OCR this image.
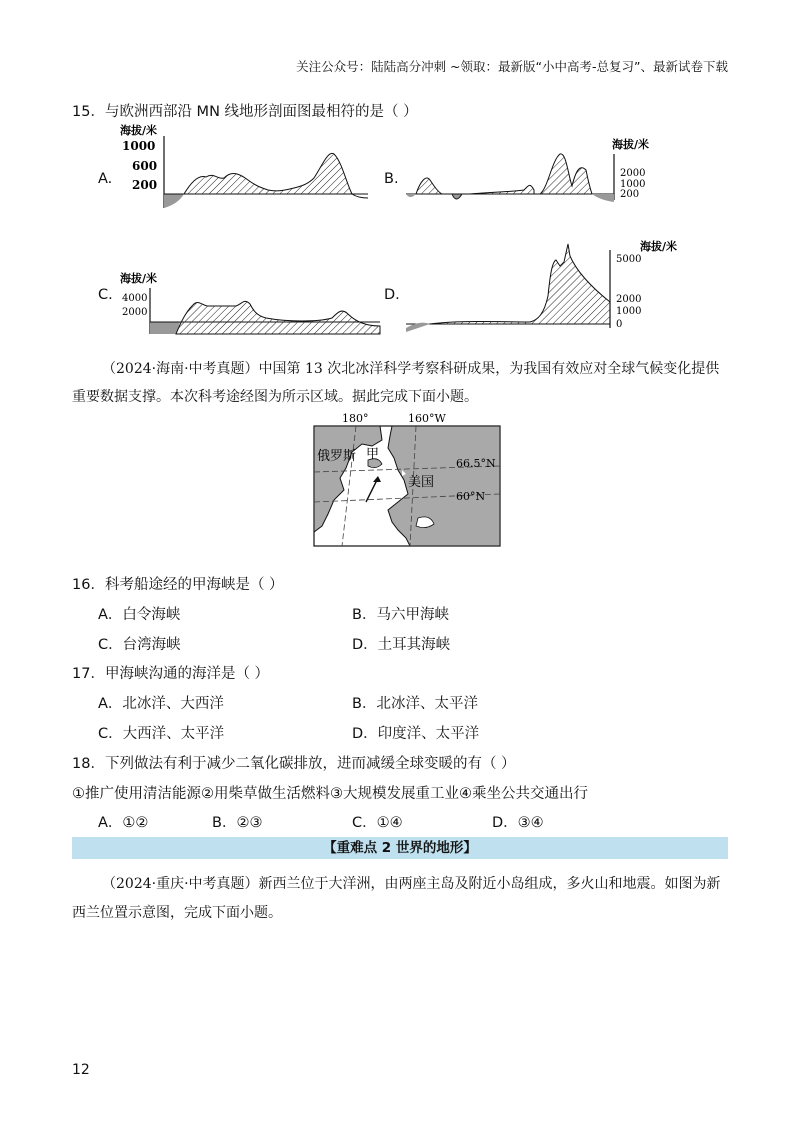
关注公众号：陆陆高分冲刺 ~领取：最新版“小中高考-总复习”、最新试卷下载
15．与欧洲西部沿 MN 线地形剖面图最相符的是（ ）
A.
海拔/米
1000
600
200	B.
海拔/米
2000
1000
200
C.
海拔/米
4000
2000
D.
海拔/米
5000
2000
1000
0
（2024·海南·中考真题）中国第 13 次北冰洋科学考察科研成果，为我国有效应对全球气候变化提供
重要数据支撑。本次科考途经图为所示区域。据此完成下面小题。
180°	160°W
66.5°N
60°N
俄罗斯 甲
美国
16．科考船途经的甲海峡是（ ）
A．白令海峡	B．马六甲海峡
C．台湾海峡	D．土耳其海峡
17．甲海峡沟通的海洋是（ ）
A．北冰洋、大西洋	B．北冰洋、太平洋
C．大西洋、太平洋	D．印度洋、太平洋
18．下列做法有利于减少二氧化碳排放，进而减缓全球变暖的有（ ）
①推广使用清洁能源②用柴草做生活燃料③大规模发展重工业④乘坐公共交通出行
A．①②	B．②③	C．①④	D．③④
【重难点 2 世界的地形】
（2024·重庆·中考真题）新西兰位于大洋洲，由两座主岛及附近小岛组成，多火山和地震。如图为新
西兰位置示意图，完成下面小题。
12
